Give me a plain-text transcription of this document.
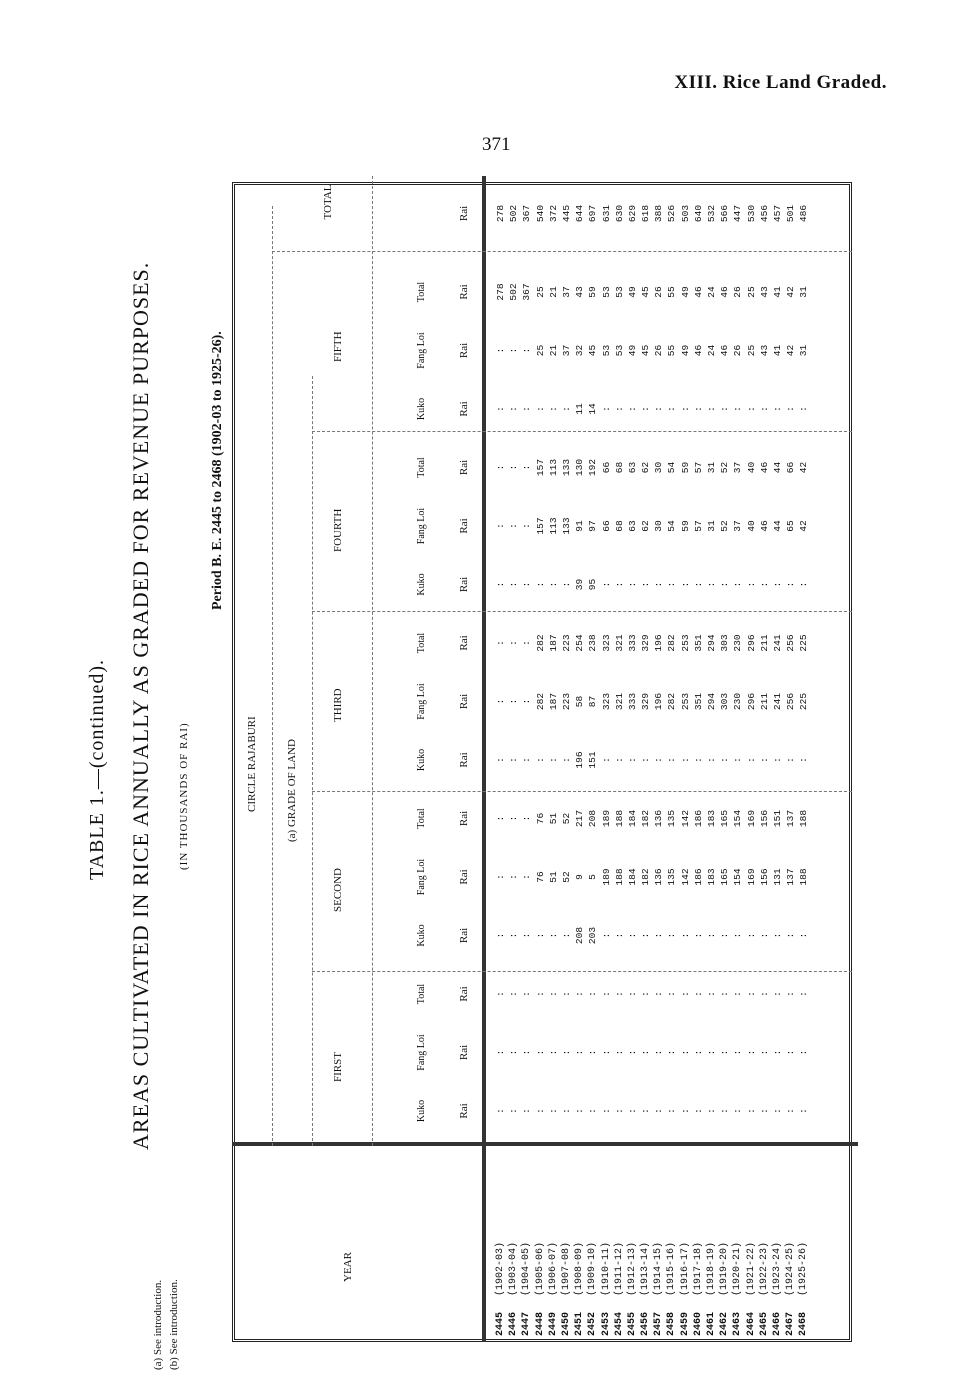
XIII. Rice Land Graded.
371
TABLE 1.—(continued). AREAS CULTIVATED IN RICE ANNUALLY AS GRADED FOR REVENUE PURPOSES. (IN THOUSANDS OF RAI)
Period B. E. 2445 to 2468 (1902-03 to 1925-26).
YEAR
CIRCLE RAJABURI	(a) GRADE OF LAND
TOTAL
FIRST
SECOND
THIRD
FOURTH
FIFTH
Kuko
Fang Loi
Total
Kuko
Fang Loi
Total
Kuko
Fang Loi
Total
Kuko
Fang Loi
Total
Kuko
Fang Loi
Total
Rai
Rai
Rai
Rai
Rai
Rai
Rai
Rai
Rai
Rai
Rai
Rai
Rai
Rai
Rai
Rai
2445 (1902-03)
2446 (1903-04)
2447 (1904-05)
2448 (1905-06)
2449 (1906-07)
2450 (1907-08)
2451 (1908-09)
2452 (1909-10)
2453 (1910-11)
2454 (1911-12)
2455 (1912-13)
2456 (1913-14)
2457 (1914-15)
2458 (1915-16)
2459 (1916-17)
2460 (1917-18)
2461 (1918-19)
2462 (1919-20)
2463 (1920-21)
2464 (1921-22)
2465 (1922-23)
2466 (1923-24)
2467 (1924-25)
2468 (1925-26)
: : : : : : : : : : : : : : : : : : : : : : : :
: : : : : : : : : : : : : : : : : : : : : : : :
: : : : : : : : : : : : : : : : : : : : : : : :
: : : : : : 208 203 : : : : : : : : : : : : : : : :
: : : 76 51 52 9 5 189 188 184 182 136 135 142 186 183 165 154 169 156 131 137 188
: : : 76 51 52 217 208 189 188 184 182 136 135 142 186 183 165 154 169 156 151 137 188
: : : : : : 196 151 : : : : : : : : : : : : : : : :
: : : 282 187 223 58 87 323 321 333 329 196 282 253 351 294 303 230 296 211 241 256 225
: : : 282 187 223 254 238 323 321 333 329 196 282 253 351 294 303 230 296 211 241 256 225
: : : : : : 39 95 : : : : : : : : : : : : : : : :
: : : 157 113 133 91 97 66 68 63 62 30 54 59 57 31 52 37 40 46 44 65 42
: : : 157 113 133 130 192 66 68 63 62 30 54 59 57 31 52 37 40 46 44 66 42
: : : : : : 11 14 : : : : : : : : : : : : : : : :
: : : 25 21 37 32 45 53 53 49 45 26 55 49 46 24 46 26 25 43 41 42 31
278 502 367 25 21 37 43 59 53 53 49 45 26 55 49 46 24 46 26 25 43 41 42 31
278 502 367 540 372 445 644 697 631 630 629 618 388 526 503 640 532 566 447 530 456 457 501 486
(a) See introduction. (b) See introduction.
